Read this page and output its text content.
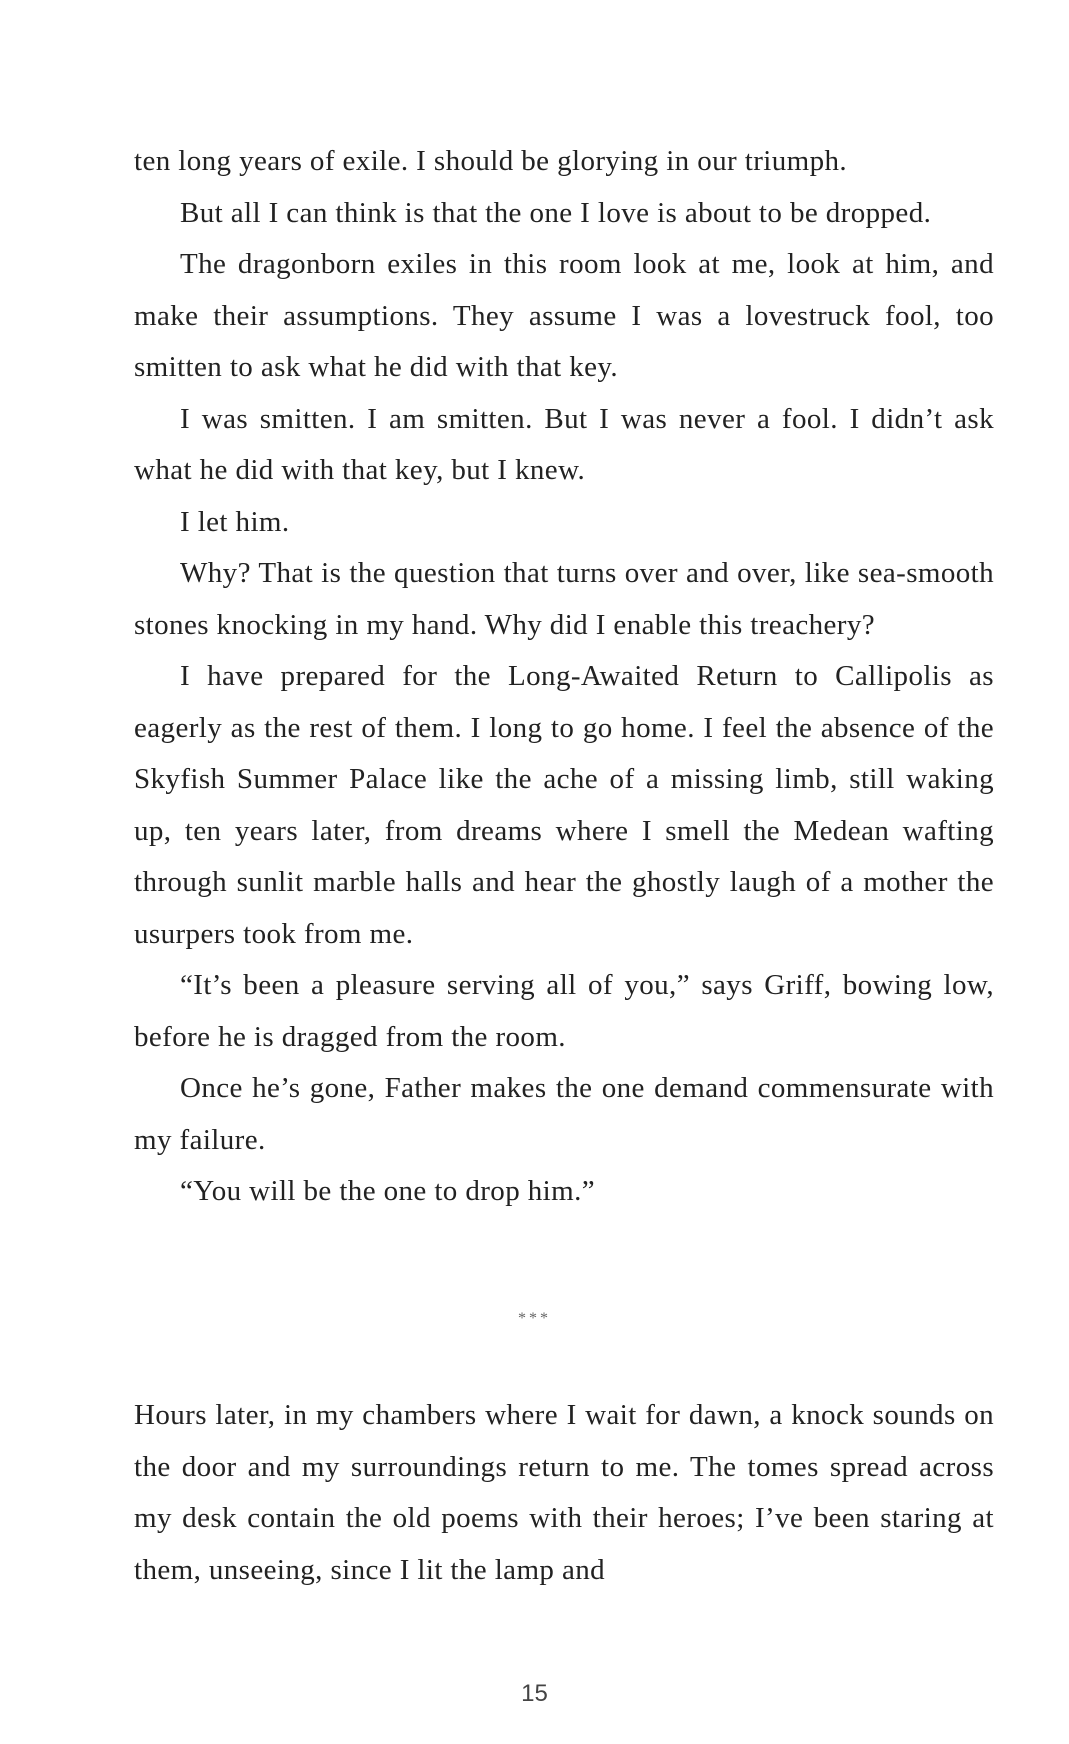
ten long years of exile. I should be glorying in our triumph.

But all I can think is that the one I love is about to be dropped.

The dragonborn exiles in this room look at me, look at him, and make their assumptions. They assume I was a lovestruck fool, too smitten to ask what he did with that key.

I was smitten. I am smitten. But I was never a fool. I didn’t ask what he did with that key, but I knew.

I let him.

Why? That is the question that turns over and over, like sea-smooth stones knocking in my hand. Why did I enable this treachery?

I have prepared for the Long-Awaited Return to Callipolis as eagerly as the rest of them. I long to go home. I feel the absence of the Skyfish Summer Palace like the ache of a missing limb, still waking up, ten years later, from dreams where I smell the Medean wafting through sunlit marble halls and hear the ghostly laugh of a mother the usurpers took from me.

“It’s been a pleasure serving all of you,” says Griff, bowing low, before he is dragged from the room.

Once he’s gone, Father makes the one demand commensurate with my failure.

“You will be the one to drop him.”

***

Hours later, in my chambers where I wait for dawn, a knock sounds on the door and my surroundings return to me. The tomes spread across my desk contain the old poems with their heroes; I’ve been staring at them, unseeing, since I lit the lamp and

15
